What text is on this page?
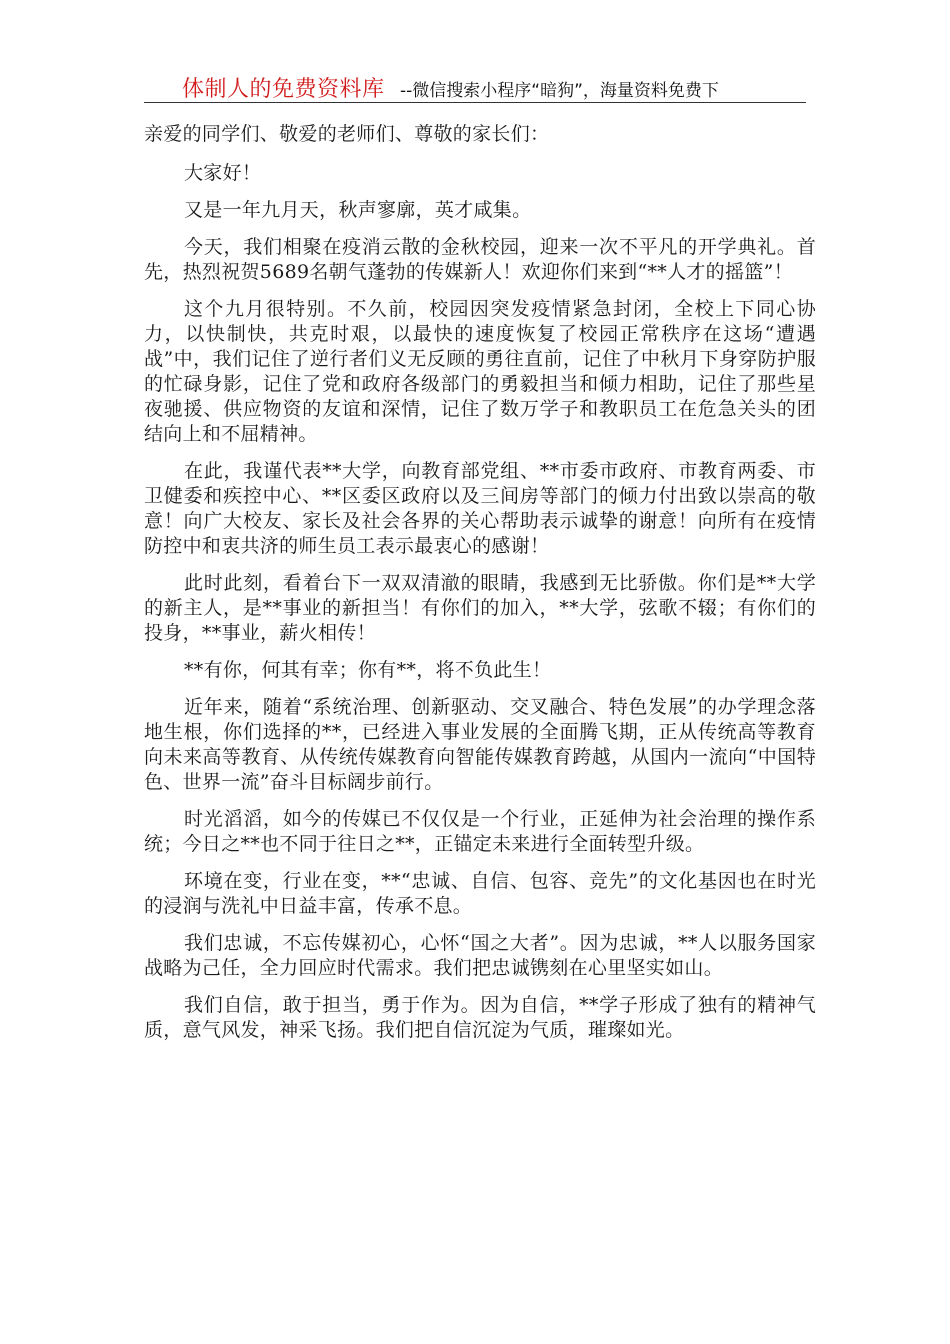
体制人的免费资料库 --微信搜索小程序“暗狗”，海量资料免费下

亲爱的同学们、敬爱的老师们、尊敬的家长们：

大家好！

又是一年九月天，秋声寥廓，英才咸集。

今天，我们相聚在疫消云散的金秋校园，迎来一次不平凡的开学典礼。首先，热烈祝贺5689名朝气蓬勃的传媒新人！欢迎你们来到“**人才的摇篮”！

这个九月很特别。不久前，校园因突发疫情紧急封闭，全校上下同心协力，以快制快，共克时艰，以最快的速度恢复了校园正常秩序在这场“遭遇战”中，我们记住了逆行者们义无反顾的勇往直前，记住了中秋月下身穿防护服的忙碌身影，记住了党和政府各级部门的勇毅担当和倾力相助，记住了那些星夜驰援、供应物资的友谊和深情，记住了数万学子和教职员工在危急关头的团结向上和不屈精神。

在此，我谨代表**大学，向教育部党组、**市委市政府、市教育两委、市卫健委和疾控中心、**区委区政府以及三间房等部门的倾力付出致以崇高的敬意！向广大校友、家长及社会各界的关心帮助表示诚挚的谢意！向所有在疫情防控中和衷共济的师生员工表示最衷心的感谢！

此时此刻，看着台下一双双清澈的眼睛，我感到无比骄傲。你们是**大学的新主人，是**事业的新担当！有你们的加入，**大学，弦歌不辍；有你们的投身，**事业，薪火相传！

**有你，何其有幸；你有**，将不负此生！

近年来，随着“系统治理、创新驱动、交叉融合、特色发展”的办学理念落地生根，你们选择的**，已经进入事业发展的全面腾飞期，正从传统高等教育向未来高等教育、从传统传媒教育向智能传媒教育跨越，从国内一流向“中国特色、世界一流”奋斗目标阔步前行。

时光滔滔，如今的传媒已不仅仅是一个行业，正延伸为社会治理的操作系统；今日之**也不同于往日之**，正锚定未来进行全面转型升级。

环境在变，行业在变，**“忠诚、自信、包容、竞先”的文化基因也在时光的浸润与洗礼中日益丰富，传承不息。

我们忠诚，不忘传媒初心，心怀“国之大者”。因为忠诚，**人以服务国家战略为己任，全力回应时代需求。我们把忠诚镌刻在心里坚实如山。

我们自信，敢于担当，勇于作为。因为自信，**学子形成了独有的精神气质，意气风发，神采飞扬。我们把自信沉淀为气质，璀璨如光。
